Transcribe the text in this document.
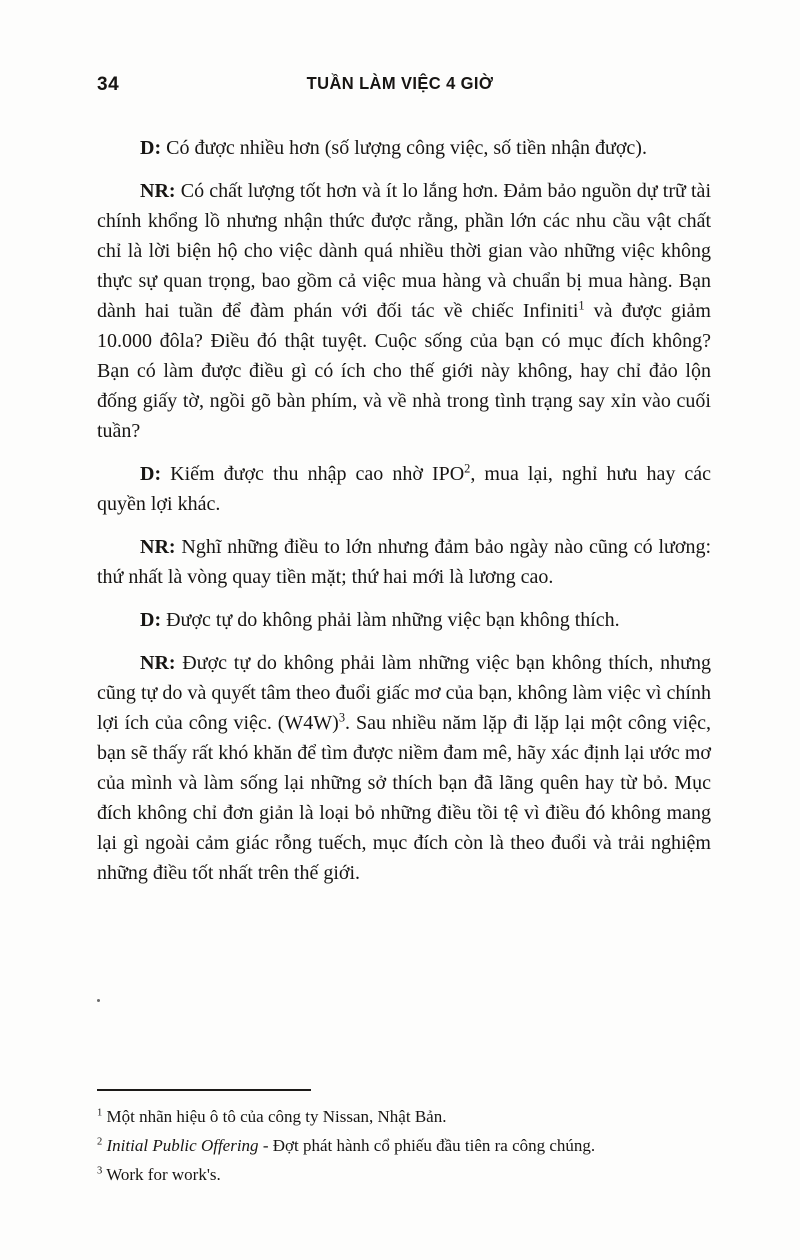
34	TUẦN LÀM VIỆC 4 GIỜ

D: Có được nhiều hơn (số lượng công việc, số tiền nhận được).

NR: Có chất lượng tốt hơn và ít lo lắng hơn. Đảm bảo nguồn dự trữ tài chính khổng lồ nhưng nhận thức được rằng, phần lớn các nhu cầu vật chất chỉ là lời biện hộ cho việc dành quá nhiều thời gian vào những việc không thực sự quan trọng, bao gồm cả việc mua hàng và chuẩn bị mua hàng. Bạn dành hai tuần để đàm phán với đối tác về chiếc Infiniti$^1$ và được giảm 10.000 đôla? Điều đó thật tuyệt. Cuộc sống của bạn có mục đích không? Bạn có làm được điều gì có ích cho thế giới này không, hay chỉ đảo lộn đống giấy tờ, ngồi gõ bàn phím, và về nhà trong tình trạng say xỉn vào cuối tuần?

D: Kiếm được thu nhập cao nhờ IPO$^2$, mua lại, nghỉ hưu hay các quyền lợi khác.

NR: Nghĩ những điều to lớn nhưng đảm bảo ngày nào cũng có lương: thứ nhất là vòng quay tiền mặt; thứ hai mới là lương cao.

D: Được tự do không phải làm những việc bạn không thích.

NR: Được tự do không phải làm những việc bạn không thích, nhưng cũng tự do và quyết tâm theo đuổi giấc mơ của bạn, không làm việc vì chính lợi ích của công việc. $(W4W)^3$. Sau nhiều năm lặp đi lặp lại một công việc, bạn sẽ thấy rất khó khăn để tìm được niềm đam mê, hãy xác định lại ước mơ của mình và làm sống lại những sở thích bạn đã lãng quên hay từ bỏ. Mục đích không chỉ đơn giản là loại bỏ những điều tồi tệ vì điều đó không mang lại gì ngoài cảm giác rỗng tuếch, mục đích còn là theo đuổi và trải nghiệm những điều tốt nhất trên thế giới.

$^1$ Một nhãn hiệu ô tô của công ty Nissan, Nhật Bản.

$^2$ Initial Public Offering - Đợt phát hành cổ phiếu đầu tiên ra công chúng.

$^3$ Work for work's.
